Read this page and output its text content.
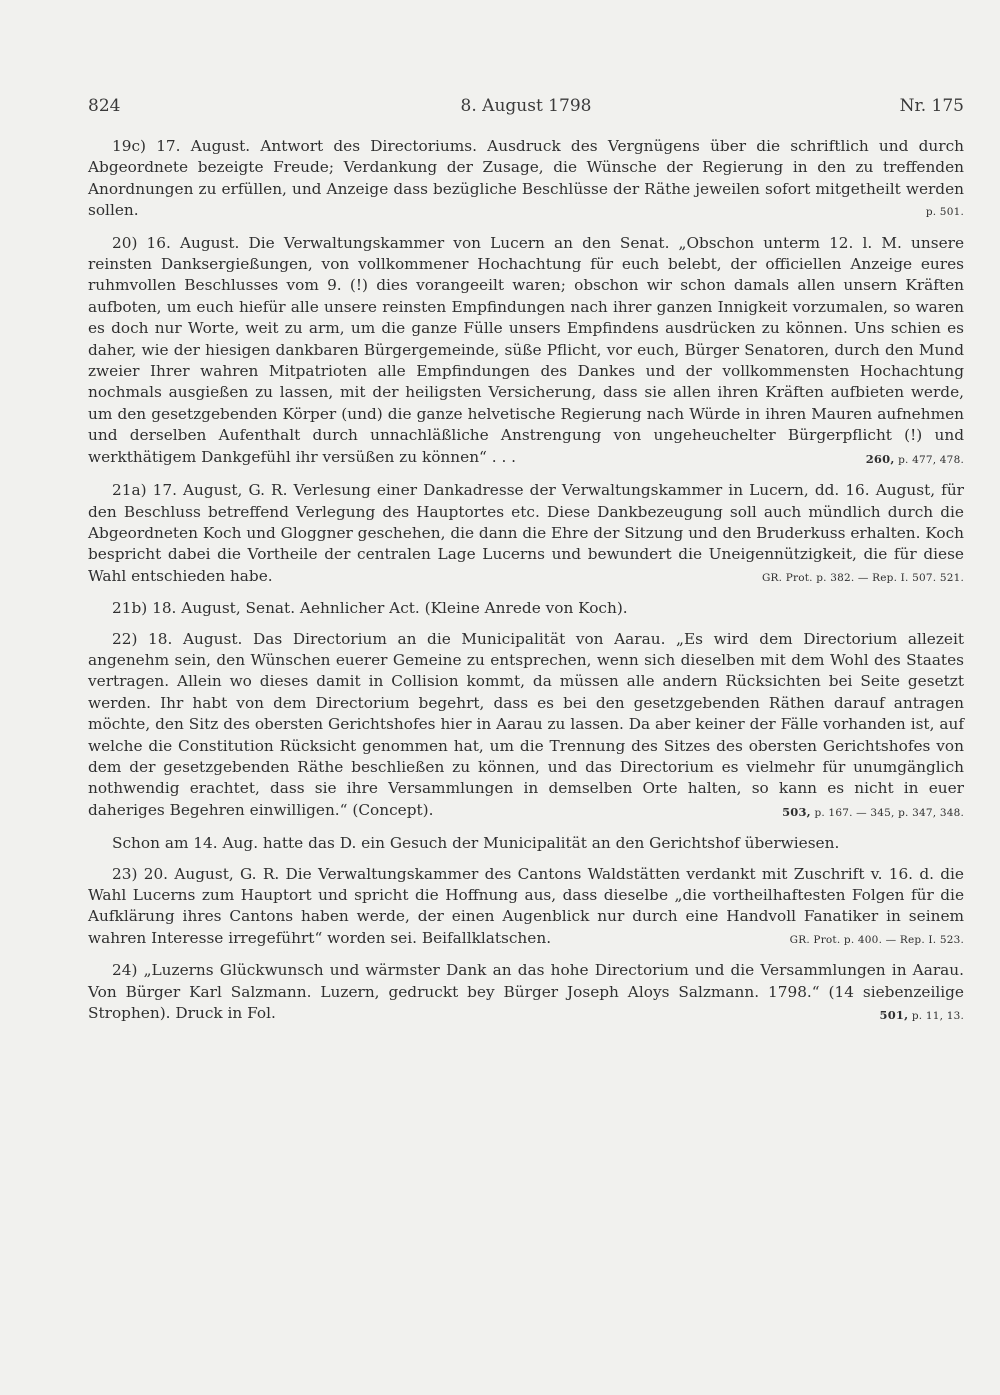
824	8. August 1798	Nr. 175

19c) 17. August. Antwort des Directoriums. Ausdruck des Vergnügens über die schriftlich und durch Abgeordnete bezeigte Freude; Verdankung der Zusage, die Wünsche der Regierung in den zu treffenden Anordnungen zu erfüllen, und Anzeige dass bezügliche Beschlüsse der Räthe jeweilen sofort mitgetheilt werden sollen.	p. 501.

20) 16. August. Die Verwaltungskammer von Lucern an den Senat. „Obschon unterm 12. l. M. unsere reinsten Danksergießungen, von vollkommener Hochachtung für euch belebt, der officiellen Anzeige eures ruhmvollen Beschlusses vom 9. (!) dies vorangeeilt waren; obschon wir schon damals allen unsern Kräften aufboten, um euch hiefür alle unsere reinsten Empfindungen nach ihrer ganzen Innigkeit vorzumalen, so waren es doch nur Worte, weit zu arm, um die ganze Fülle unsers Empfindens ausdrücken zu können. Uns schien es daher, wie der hiesigen dankbaren Bürgergemeinde, süße Pflicht, vor euch, Bürger Senatoren, durch den Mund zweier Ihrer wahren Mitpatrioten alle Empfindungen des Dankes und der vollkommensten Hochachtung nochmals ausgießen zu lassen, mit der heiligsten Versicherung, dass sie allen ihren Kräften aufbieten werde, um den gesetzgebenden Körper (und) die ganze helvetische Regierung nach Würde in ihren Mauren aufnehmen und derselben Aufenthalt durch unnachläßliche Anstrengung von ungeheuchelter Bürgerpflicht (!) und werkthätigem Dankgefühl ihr versüßen zu können“ . . .	260, p. 477, 478.

21a) 17. August, G. R. Verlesung einer Dankadresse der Verwaltungskammer in Lucern, dd. 16. August, für den Beschluss betreffend Verlegung des Hauptortes etc. Diese Dankbezeugung soll auch mündlich durch die Abgeordneten Koch und Gloggner geschehen, die dann die Ehre der Sitzung und den Bruderkuss erhalten. Koch bespricht dabei die Vortheile der centralen Lage Lucerns und bewundert die Uneigennützigkeit, die für diese Wahl entschieden habe.	GR. Prot. p. 382. — Rep. I. 507. 521.

21b) 18. August, Senat. Aehnlicher Act. (Kleine Anrede von Koch).

22) 18. August. Das Directorium an die Municipalität von Aarau. „Es wird dem Directorium allezeit angenehm sein, den Wünschen euerer Gemeine zu entsprechen, wenn sich dieselben mit dem Wohl des Staates vertragen. Allein wo dieses damit in Collision kommt, da müssen alle andern Rücksichten bei Seite gesetzt werden. Ihr habt von dem Directorium begehrt, dass es bei den gesetzgebenden Räthen darauf antragen möchte, den Sitz des obersten Gerichtshofes hier in Aarau zu lassen. Da aber keiner der Fälle vorhanden ist, auf welche die Constitution Rücksicht genommen hat, um die Trennung des Sitzes des obersten Gerichtshofes von dem der gesetzgebenden Räthe beschließen zu können, und das Directorium es vielmehr für unumgänglich nothwendig erachtet, dass sie ihre Versammlungen in demselben Orte halten, so kann es nicht in euer daheriges Begehren einwilligen.“ (Concept).	503, p. 167. — 345, p. 347, 348.

Schon am 14. Aug. hatte das D. ein Gesuch der Municipalität an den Gerichtshof überwiesen.

23) 20. August, G. R. Die Verwaltungskammer des Cantons Waldstätten verdankt mit Zuschrift v. 16. d. die Wahl Lucerns zum Hauptort und spricht die Hoffnung aus, dass dieselbe „die vortheilhaftesten Folgen für die Aufklärung ihres Cantons haben werde, der einen Augenblick nur durch eine Handvoll Fanatiker in seinem wahren Interesse irregeführt“ worden sei. Beifallklatschen.	GR. Prot. p. 400. — Rep. I. 523.

24) „Luzerns Glückwunsch und wärmster Dank an das hohe Directorium und die Versammlungen in Aarau. Von Bürger Karl Salzmann. Luzern, gedruckt bey Bürger Joseph Aloys Salzmann. 1798.“ (14 siebenzeilige Strophen). Druck in Fol.	501, p. 11, 13.
